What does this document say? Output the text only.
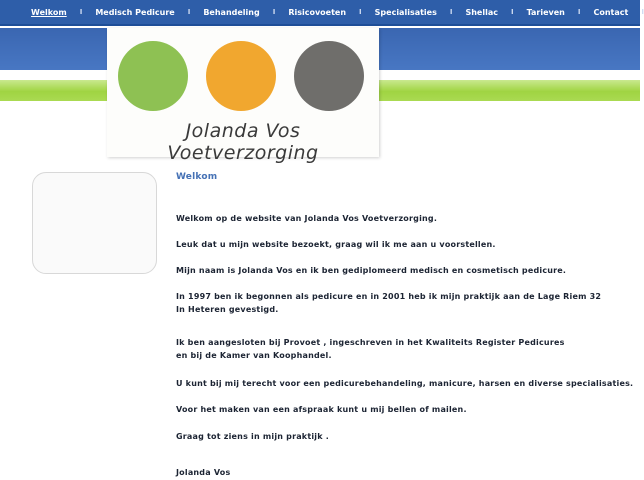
Welkom I Medisch Pedicure I Behandeling I Risicovoeten I Specialisaties I Shellac I Tarieven I Contact I
Jolanda Vos Voetverzorging
Welkom

Welkom op de website van Jolanda Vos Voetverzorging.

Leuk dat u mijn website bezoekt, graag wil ik me aan u voorstellen.

Mijn naam is Jolanda Vos en ik ben gediplomeerd medisch en cosmetisch pedicure.

In 1997 ben ik begonnen als pedicure en in 2001 heb ik mijn praktijk aan de Lage Riem 32
In Heteren gevestigd.

Ik ben aangesloten bij Provoet , ingeschreven in het Kwaliteits Register Pedicures
en bij de Kamer van Koophandel.

U kunt bij mij terecht voor een pedicurebehandeling, manicure, harsen en diverse specialisaties.

Voor het maken van een afspraak kunt u mij bellen of mailen.

Graag tot ziens in mijn praktijk .

Jolanda Vos
